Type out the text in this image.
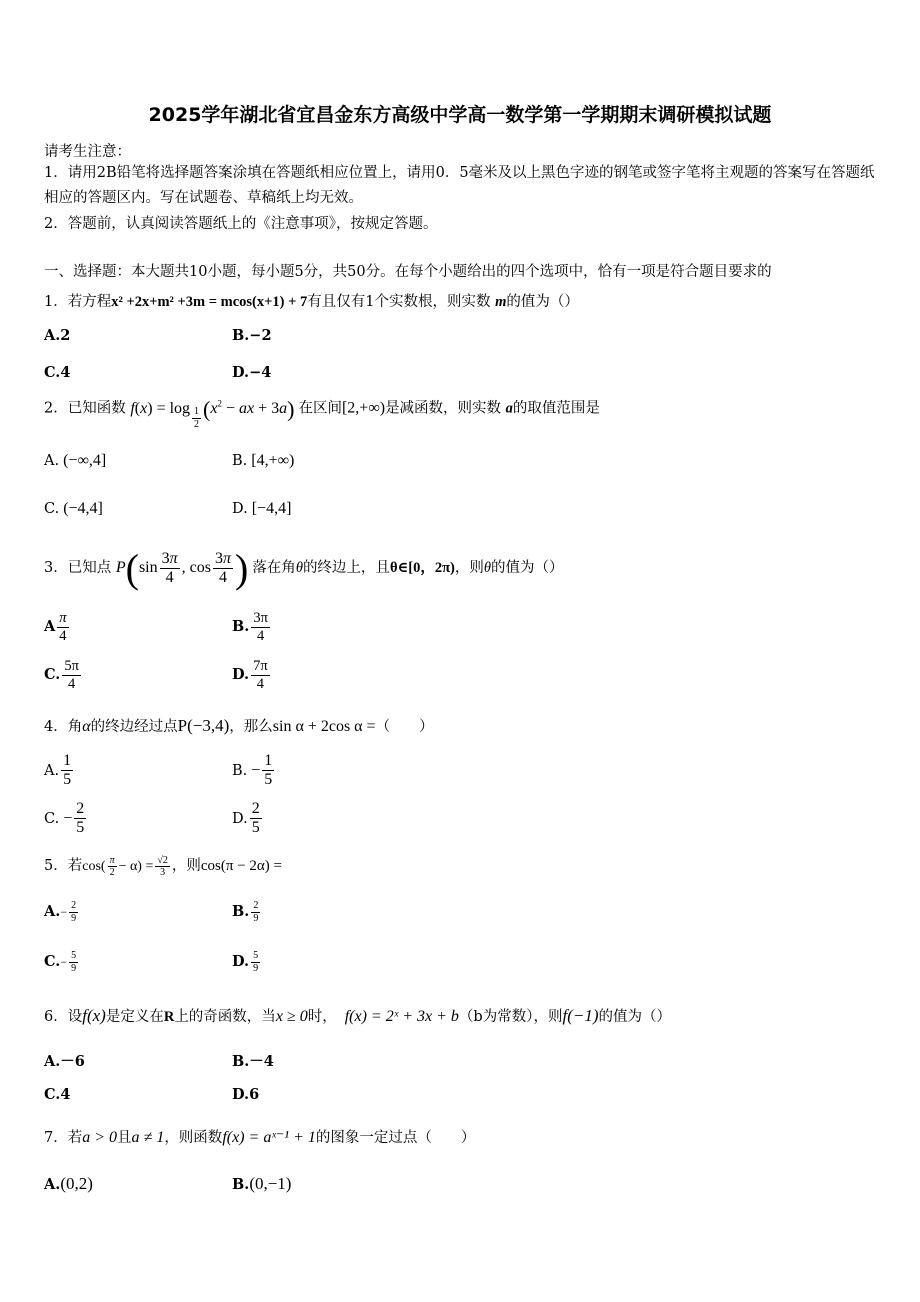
2025学年湖北省宜昌金东方高级中学高一数学第一学期期末调研模拟试题
请考生注意：
1．请用2B铅笔将选择题答案涂填在答题纸相应位置上，请用0．5毫米及以上黑色字迹的钢笔或签字笔将主观题的答案写在答题纸相应的答题区内。写在试题卷、草稿纸上均无效。
2．答题前，认真阅读答题纸上的《注意事项》，按规定答题。
一、选择题：本大题共10小题，每小题5分，共50分。在每个小题给出的四个选项中，恰有一项是符合题目要求的
1．若方程x² +2x+m² +3m = mcos(x+1) + 7有且仅有1个实数根，则实数 m的值为（）
A.2	B.−2
C.4	D.−4
2．已知函数 f(x) = log $_{\frac{1}{2}}$ ($x^2$ − ax + 3a) 在区间[2,+∞)是减函数，则实数 a的取值范围是
A. (−∞,4]	B. [4,+∞)
C. (−4,4]	D. [−4,4]
3．已知点 $P(\sin \frac{3\pi}{4}$ , $\cos \frac{3\pi}{4}$ ) 落在角θ的终边上，且θ∈[0，2π)，则θ的值为（）
A $\frac{\pi}{4}$	B. $\frac{3\pi}{4}$
C. $\frac{5\pi}{4}$	D. $\frac{7\pi}{4}$
4．角α的终边经过点P(−3,4)，那么sin α + 2cos α =（　　）
A. $\frac{1}{5}$	B. − $\frac{1}{5}$
C. − $\frac{2}{5}$	D. $\frac{2}{5}$
5．若$\cos( \frac{\pi}{2} - \alpha) = \frac{√2}{3}$ ，则cos(π − 2α) =
$A.- \frac{2}{9}$	B. $\frac{2}{9}$
$C.- \frac{5}{9}$	D. $\frac{5}{9}$
6．设f(x)是定义在R上的奇函数，当x ≥ 0时， f(x) = 2ˣ + 3x + b（b为常数），则f(−1)的值为（）
A.－6	B.－4
C.4	D.6
7．若a > 0且a ≠ 1，则函数f(x) = aˣ⁻¹ + 1的图象一定过点（　　）
A.(0,2)	B.(0,−1)
